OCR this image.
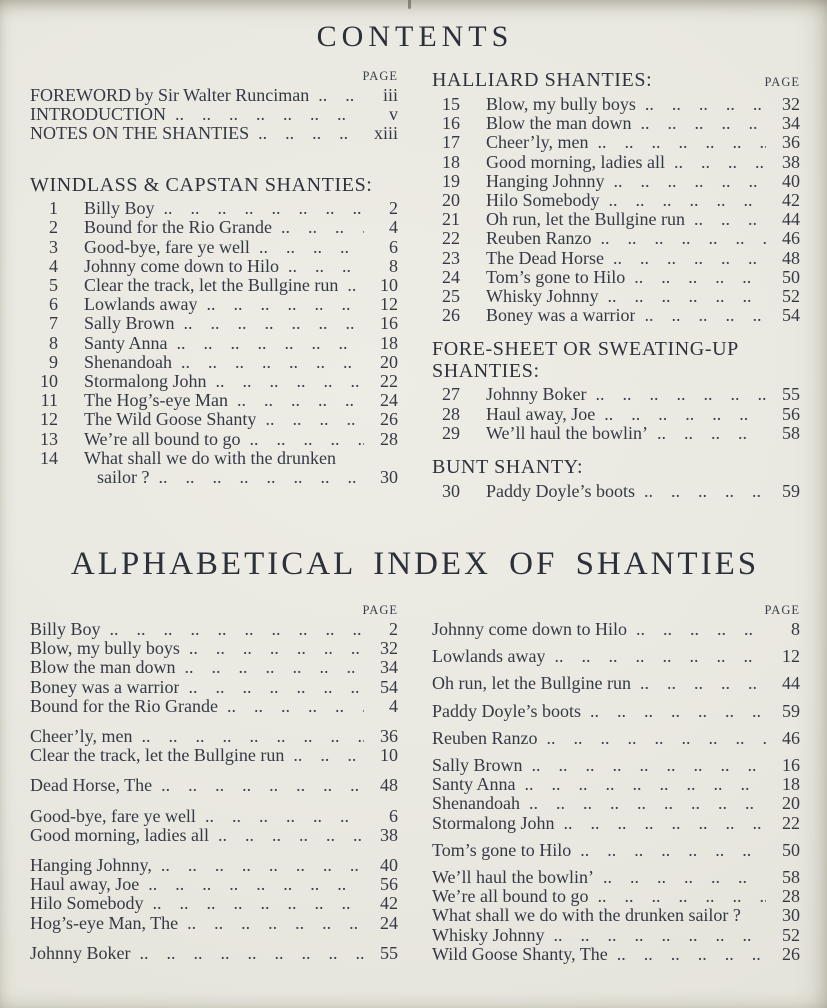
CONTENTS
PAGE
FOREWORD by Sir Walter Runciman ..	iii
INTRODUCTION ..	v
NOTES ON THE SHANTIES ..	xiii
WINDLASS & CAPSTAN SHANTIES:
1 Billy Boy ..	2
2 Bound for the Rio Grande ..	4
3 Good-bye, fare ye well ..	6
4 Johnny come down to Hilo ..	8
5 Clear the track, let the Bullgine run ..	10
6 Lowlands away ..	12
7 Sally Brown ..	16
8 Santy Anna ..	18
9 Shenandoah ..	20
10 Stormalong John ..	22
11 The Hog’s-eye Man ..	24
12 The Wild Goose Shanty ..	26
13 We’re all bound to go ..	28
14 What shall we do with the drunken
sailor ? ..	30
HALLIARD SHANTIES:	PAGE
15 Blow, my bully boys ..	32
16 Blow the man down ..	34
17 Cheer’ly, men ..	36
18 Good morning, ladies all ..	38
19 Hanging Johnny ..	40
20 Hilo Somebody ..	42
21 Oh run, let the Bullgine run ..	44
22 Reuben Ranzo ..	46
23 The Dead Horse ..	48
24 Tom’s gone to Hilo ..	50
25 Whisky Johnny ..	52
26 Boney was a warrior ..	54
FORE-SHEET OR SWEATING-UP SHANTIES:
27 Johnny Boker ..	55
28 Haul away, Joe ..	56
29 We’ll haul the bowlin’ ..	58
BUNT SHANTY:
30 Paddy Doyle’s boots ..	59
ALPHABETICAL INDEX OF SHANTIES
PAGE
Billy Boy ..	2
Blow, my bully boys ..	32
Blow the man down ..	34
Boney was a warrior ..	54
Bound for the Rio Grande ..	4
Cheer’ly, men ..	36
Clear the track, let the Bullgine run ..	10
Dead Horse, The ..	48
Good-bye, fare ye well ..	6
Good morning, ladies all ..	38
Hanging Johnny, ..	40
Haul away, Joe ..	56
Hilo Somebody ..	42
Hog’s-eye Man, The ..	24
Johnny Boker ..	55
PAGE
Johnny come down to Hilo ..	8
Lowlands away ..	12
Oh run, let the Bullgine run ..	44
Paddy Doyle’s boots ..	59
Reuben Ranzo ..	46
Sally Brown ..	16
Santy Anna ..	18
Shenandoah ..	20
Stormalong John ..	22
Tom’s gone to Hilo ..	50
We’ll haul the bowlin’ ..	58
We’re all bound to go ..	28
What shall we do with the drunken sailor ?	30
Whisky Johnny ..	52
Wild Goose Shanty, The ..	26
